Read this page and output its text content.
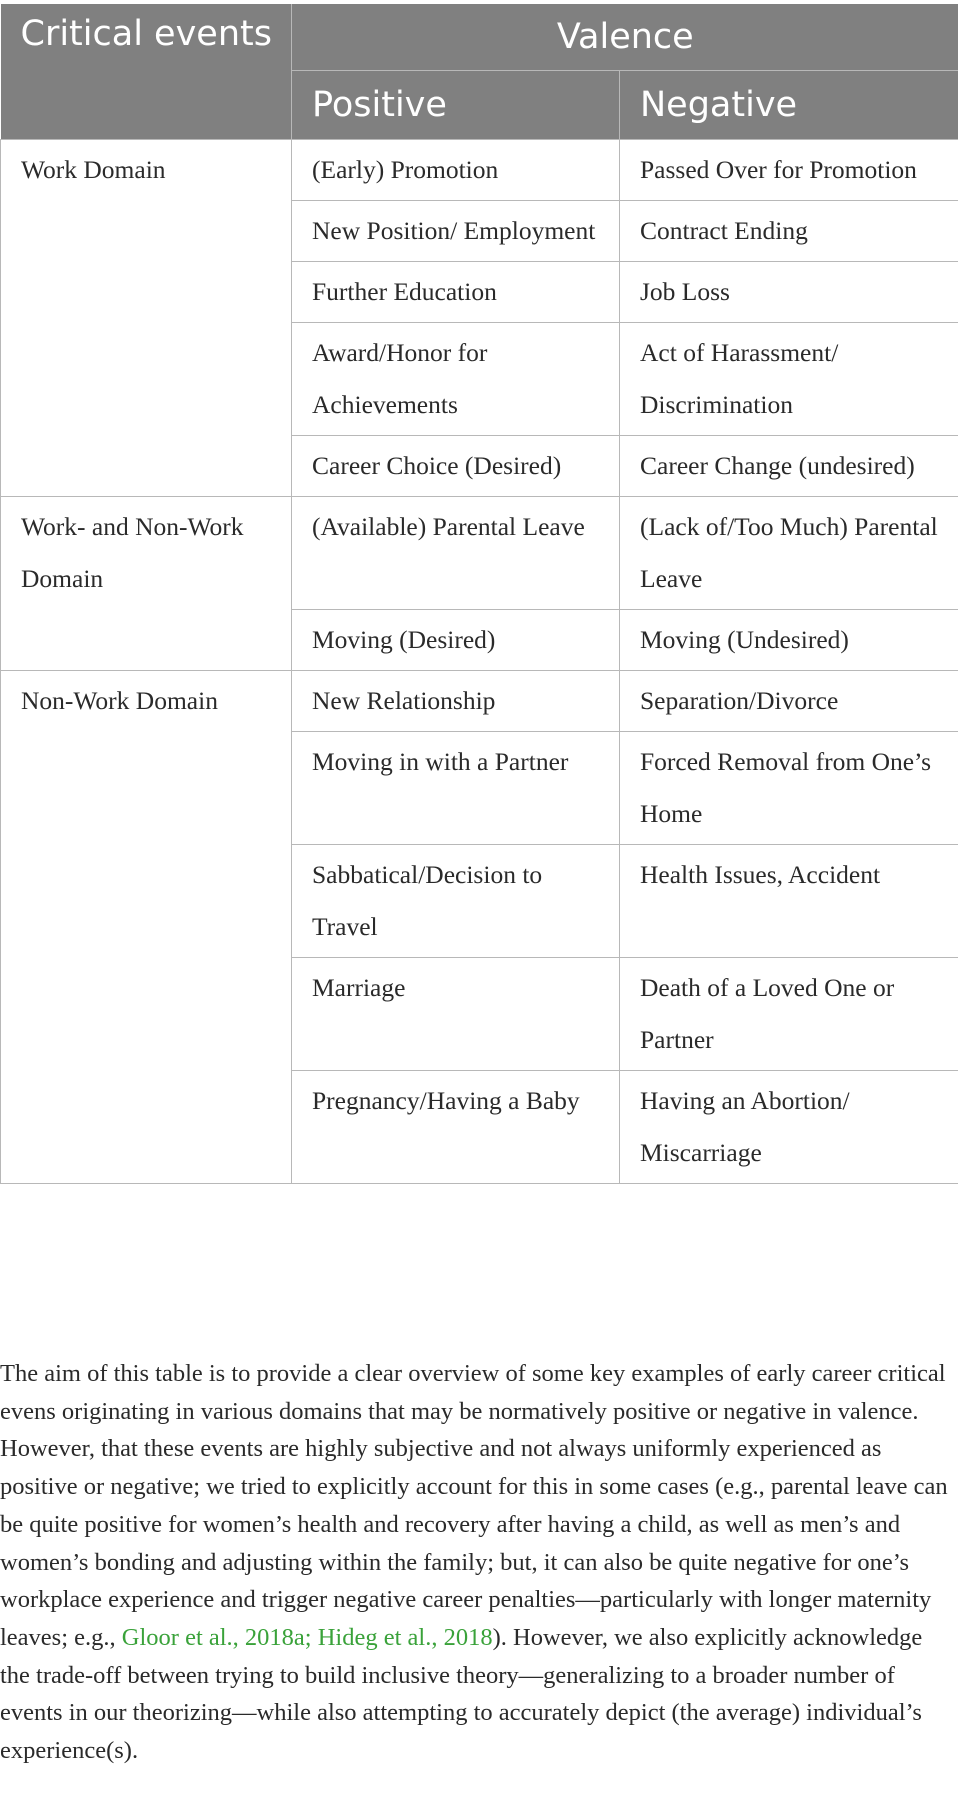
Critical events	Valence	
	Positive	Negative
Work Domain	(Early) Promotion	Passed Over for Promotion
	New Position/ Employment	Contract Ending
	Further Education	Job Loss
	Award/Honor for Achievements	Act of Harassment/ Discrimination
	Career Choice (Desired)	Career Change (undesired)
Work- and Non-Work Domain	(Available) Parental Leave	(Lack of/Too Much) Parental Leave
	Moving (Desired)	Moving (Undesired)
Non-Work Domain	New Relationship	Separation/Divorce
	Moving in with a Partner	Forced Removal from One’s Home
	Sabbatical/Decision to Travel	Health Issues, Accident
	Marriage	Death of a Loved One or Partner
	Pregnancy/Having a Baby	Having an Abortion/ Miscarriage
The aim of this table is to provide a clear overview of some key examples of early career critical evens originating in various domains that may be normatively positive or negative in valence. However, that these events are highly subjective and not always uniformly experienced as positive or negative; we tried to explicitly account for this in some cases (e.g., parental leave can be quite positive for women’s health and recovery after having a child, as well as men’s and women’s bonding and adjusting within the family; but, it can also be quite negative for one’s workplace experience and trigger negative career penalties—particularly with longer maternity leaves; e.g., Gloor et al., 2018a; Hideg et al., 2018). However, we also explicitly acknowledge the trade-off between trying to build inclusive theory—generalizing to a broader number of events in our theorizing—while also attempting to accurately depict (the average) individual’s experience(s).
